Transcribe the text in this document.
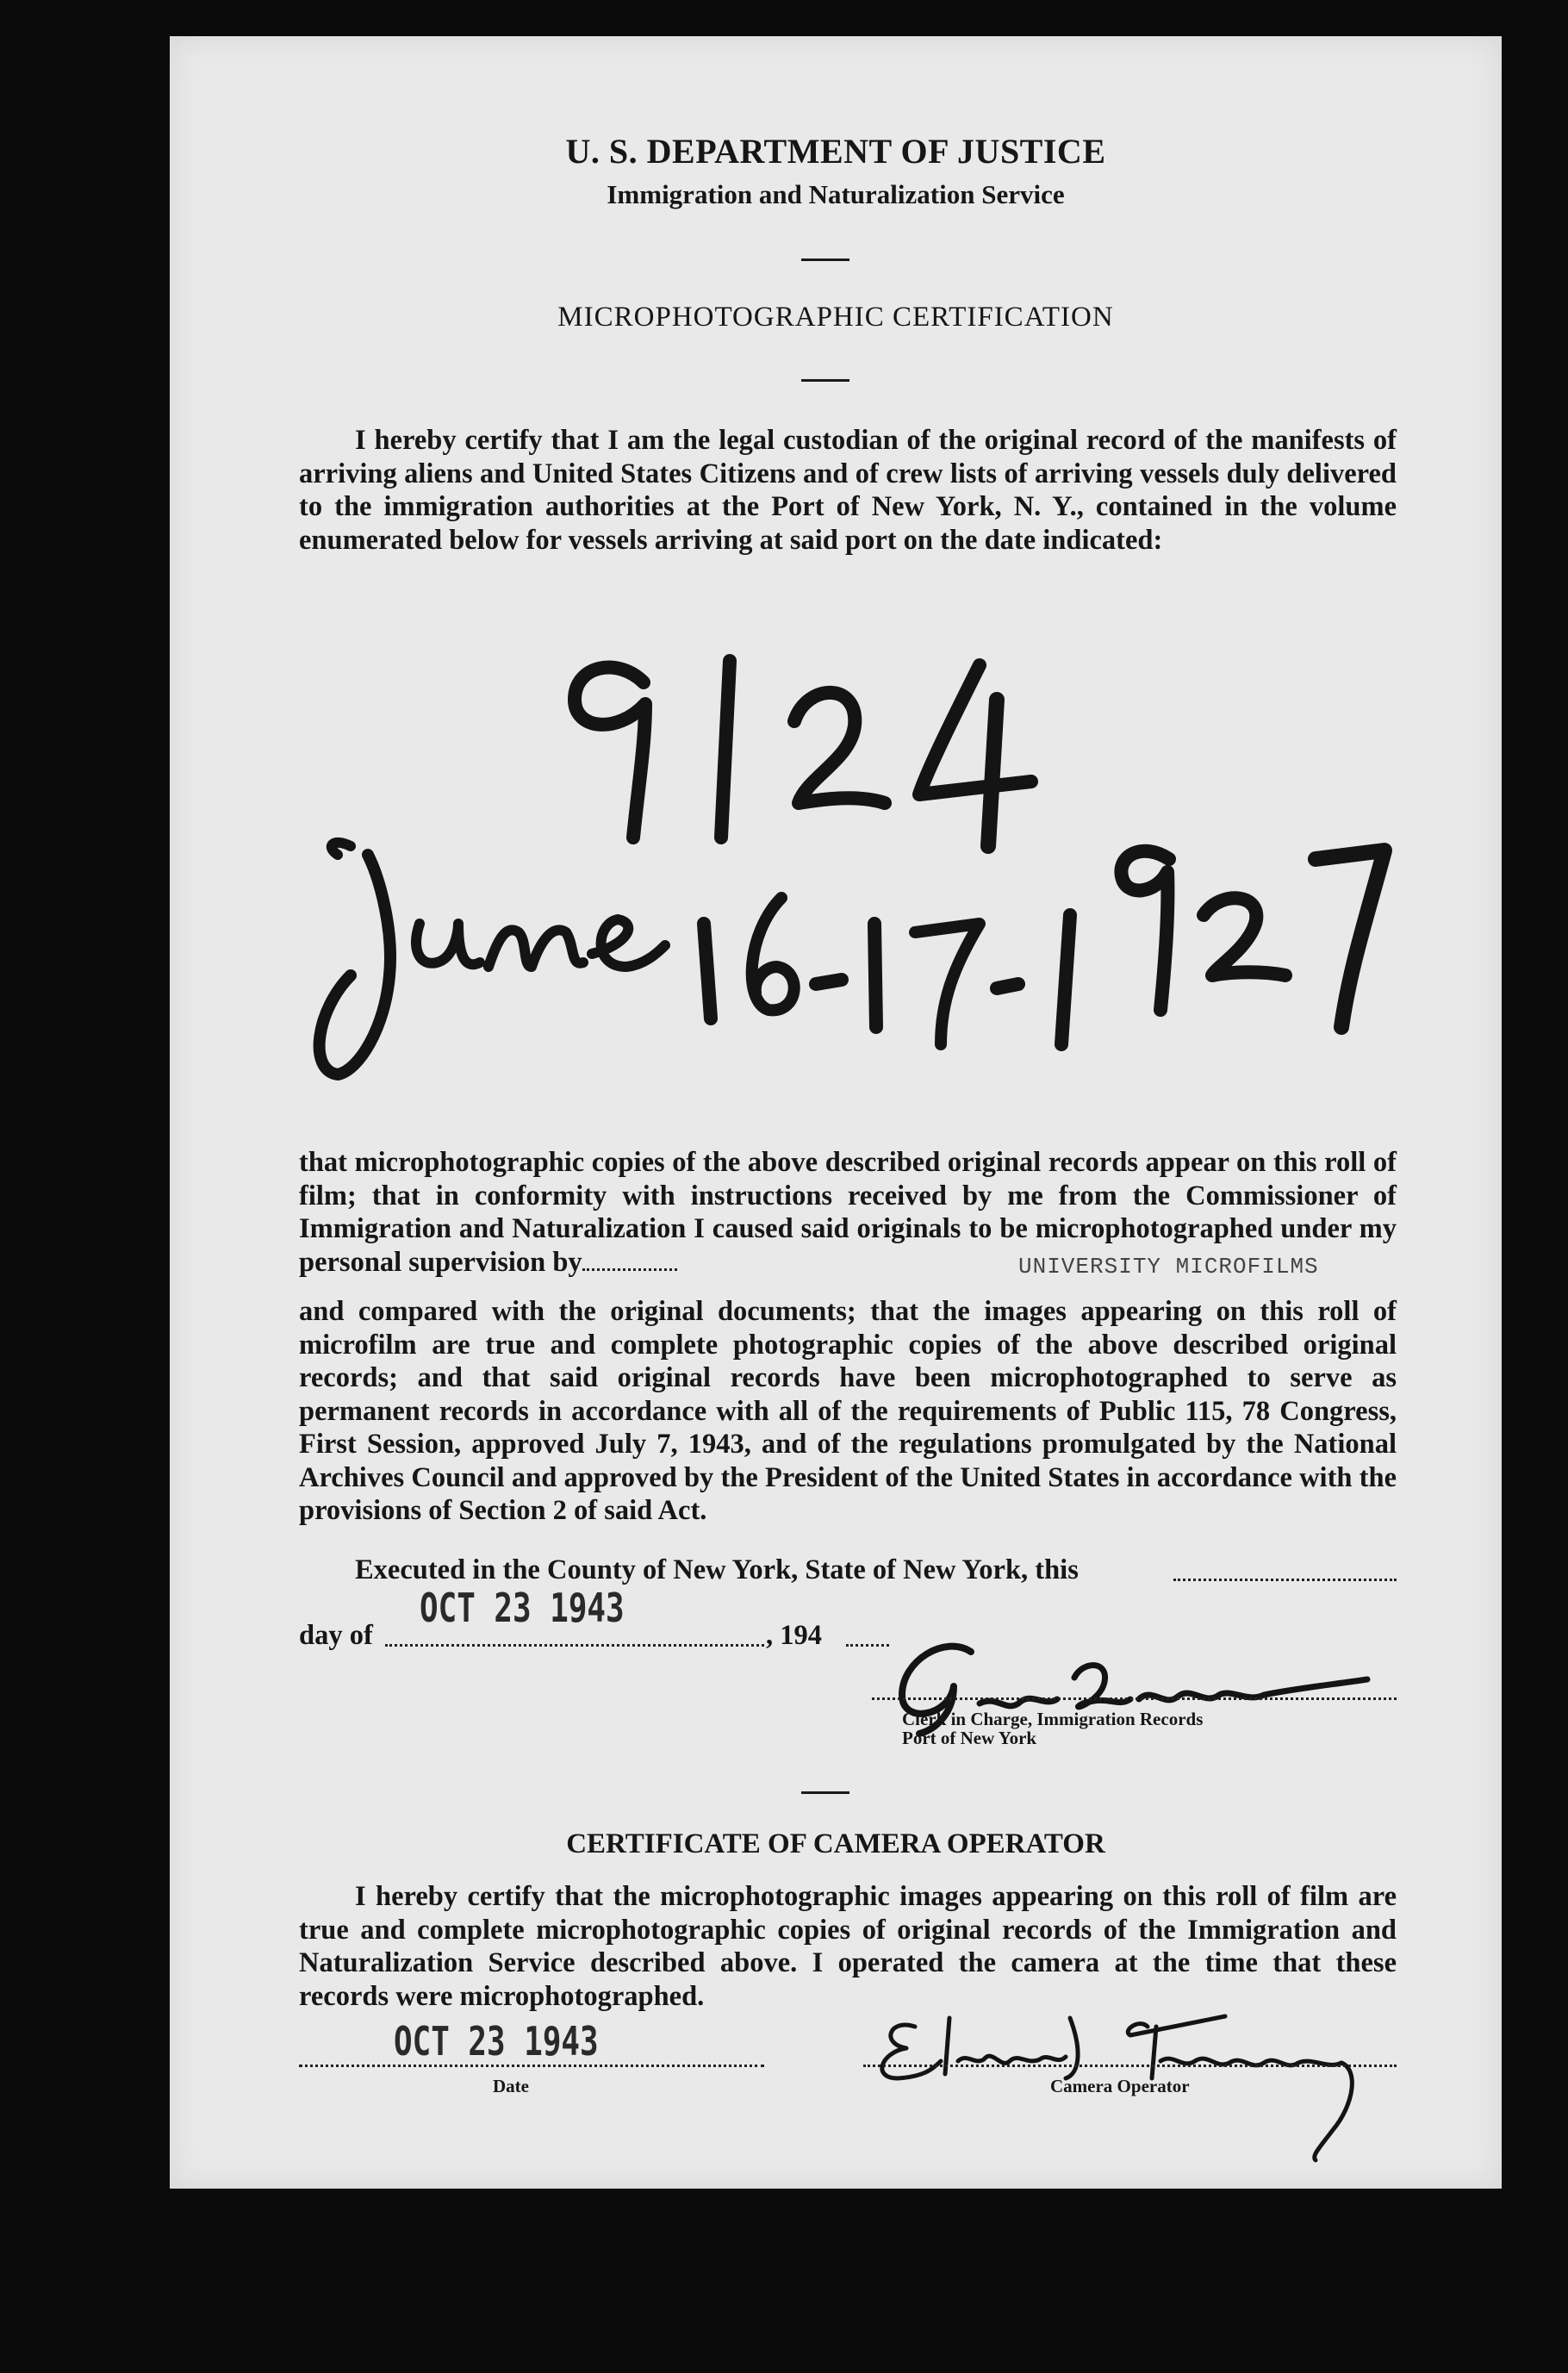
U. S. DEPARTMENT OF JUSTICE
Immigration and Naturalization Service
MICROPHOTOGRAPHIC CERTIFICATION
I hereby certify that I am the legal custodian of the original record of the manifests of arriving aliens and United States Citizens and of crew lists of arriving vessels duly delivered to the immigration authorities at the Port of New York, N. Y., contained in the volume enumerated below for vessels arriving at said port on the date indicated:
that microphotographic copies of the above described original records appear on this roll of film; that in conformity with instructions received by me from the Commissioner of Immigration and Naturalization I caused said originals to be microphotographed under my personal supervision by	UNIVERSITY MICROFILMS
and compared with the original documents; that the images appearing on this roll of microfilm are true and complete photographic copies of the above described original records; and that said original records have been microphotographed to serve as permanent records in accordance with all of the requirements of Public 115, 78 Congress, First Session, approved July 7, 1943, and of the regulations promulgated by the National Archives Council and approved by the President of the United States in accordance with the provisions of Section 2 of said Act.
Executed in the County of New York, State of New York, this
day of
OCT 23 1943
, 194
Clerk in Charge, Immigration Records
Port of New York
CERTIFICATE OF CAMERA OPERATOR
I hereby certify that the microphotographic images appearing on this roll of film are true and complete microphotographic copies of original records of the Immigration and Naturalization Service described above. I operated the camera at the time that these records were microphotographed.
OCT 23 1943
Date	Camera Operator
